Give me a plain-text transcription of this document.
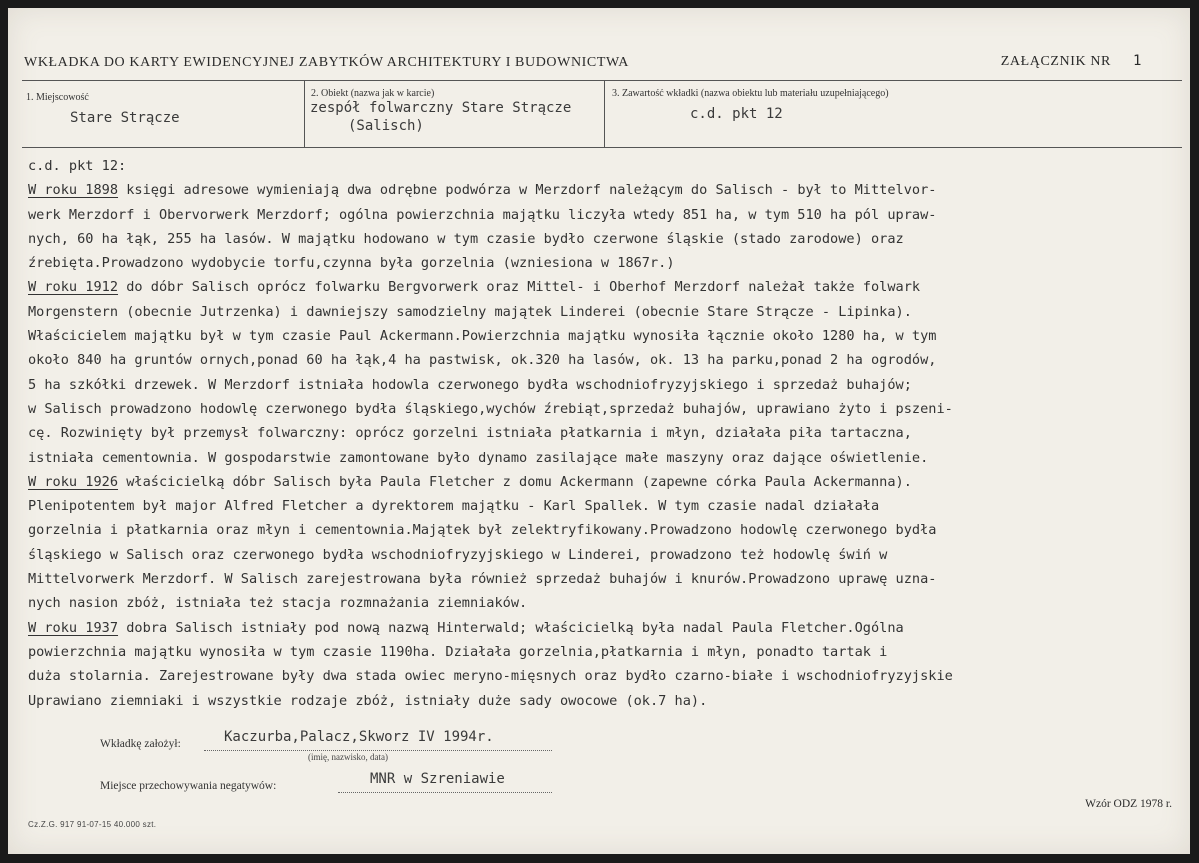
WKŁADKA DO KARTY EWIDENCYJNEJ ZABYTKÓW ARCHITEKTURY I BUDOWNICTWA	ZAŁĄCZNIK NR 1
1. Miejscowość
Stare Strącze
2. Obiekt (nazwa jak w karcie)
zespół folwarczny Stare Strącze
(Salisch)
3. Zawartość wkładki (nazwa obiektu lub materiału uzupełniającego)
c.d. pkt 12
c.d. pkt 12:
W roku 1898 księgi adresowe wymieniają dwa odrębne podwórza w Merzdorf należącym do Salisch - był to Mittelvor-
werk Merzdorf i Obervorwerk Merzdorf; ogólna powierzchnia majątku liczyła wtedy 851 ha, w tym 510 ha pól upraw-
nych, 60 ha łąk, 255 ha lasów. W majątku hodowano w tym czasie bydło czerwone śląskie (stado zarodowe) oraz
źrebięta.Prowadzono wydobycie torfu,czynna była gorzelnia (wzniesiona w 1867r.)
W roku 1912 do dóbr Salisch oprócz folwarku Bergvorwerk oraz Mittel- i Oberhof Merzdorf należał także folwark
Morgenstern (obecnie Jutrzenka) i dawniejszy samodzielny majątek Linderei (obecnie Stare Strącze - Lipinka).
Właścicielem majątku był w tym czasie Paul Ackermann.Powierzchnia majątku wynosiła łącznie około 1280 ha, w tym
około 840 ha gruntów ornych,ponad 60 ha łąk,4 ha pastwisk, ok.320 ha lasów, ok. 13 ha parku,ponad 2 ha ogrodów,
5 ha szkółki drzewek. W Merzdorf istniała hodowla czerwonego bydła wschodniofryzyjskiego i sprzedaż buhajów;
w Salisch prowadzono hodowlę czerwonego bydła śląskiego,wychów źrebiąt,sprzedaż buhajów, uprawiano żyto i pszeni-
cę. Rozwinięty był przemysł folwarczny: oprócz gorzelni istniała płatkarnia i młyn, działała piła tartaczna,
istniała cementownia. W gospodarstwie zamontowane było dynamo zasilające małe maszyny oraz dające oświetlenie.
W roku 1926 właścicielką dóbr Salisch była Paula Fletcher z domu Ackermann (zapewne córka Paula Ackermanna).
Plenipotentem był major Alfred Fletcher a dyrektorem majątku - Karl Spallek. W tym czasie nadal działała
gorzelnia i płatkarnia oraz młyn i cementownia.Majątek był zelektryfikowany.Prowadzono hodowlę czerwonego bydła
śląskiego w Salisch oraz czerwonego bydła wschodniofryzyjskiego w Linderei, prowadzono też hodowlę świń w
Mittelvorwerk Merzdorf. W Salisch zarejestrowana była również sprzedaż buhajów i knurów.Prowadzono uprawę uzna-
nych nasion zbóż, istniała też stacja rozmnażania ziemniaków.
W roku 1937 dobra Salisch istniały pod nową nazwą Hinterwald; właścicielką była nadal Paula Fletcher.Ogólna
powierzchnia majątku wynosiła w tym czasie 1190ha. Działała gorzelnia,płatkarnia i młyn, ponadto tartak i
duża stolarnia. Zarejestrowane były dwa stada owiec meryno-mięsnych oraz bydło czarno-białe i wschodniofryzyjskie
Uprawiano ziemniaki i wszystkie rodzaje zbóż, istniały duże sady owocowe (ok.7 ha).
Wkładkę założył:	Kaczurba,Palacz,Skworz IV 1994r.
(imię, nazwisko, data)
Miejsce przechowywania negatywów:	MNR w Szreniawie
Wzór ODZ 1978 r.
Cz.Z.G. 917 91-07-15 40.000 szt.
